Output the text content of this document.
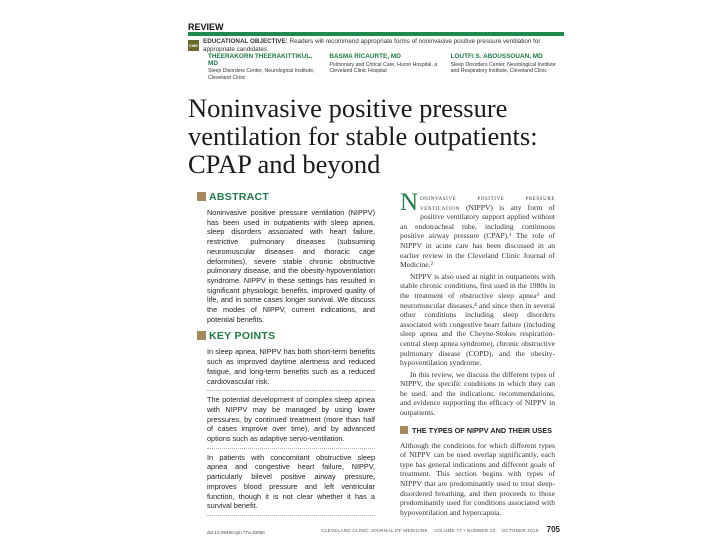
REVIEW
CME
EDUCATIONAL OBJECTIVE: Readers will recommend appropriate forms of noninvasive positive pressure ventilation for appropriate candidates
THEERAKORN THEERAKITTIKUL, MD
Sleep Disorders Center, Neurological Institute, Cleveland Clinic
BASMA RICAURTE, MD
Pulmonary and Critical Care, Huron Hospital, a Cleveland Clinic Hospital
LOUTFI S. ABOUSSOUAN, MD
Sleep Disorders Center, Neurological Institute and Respiratory Institute, Cleveland Clinic
Noninvasive positive pressure ventilation for stable outpatients: CPAP and beyond
ABSTRACT
Noninvasive positive pressure ventilation (NIPPV) has been used in outpatients with sleep apnea, sleep disorders associated with heart failure, restrictive pulmonary diseases (subsuming neuromuscular diseases and thoracic cage deformities), severe stable chronic obstructive pulmonary disease, and the obesity-hypoventilation syndrome. NIPPV in these settings has resulted in significant physiologic benefits, improved quality of life, and in some cases longer survival. We discuss the modes of NIPPV, current indications, and potential benefits.
KEY POINTS
In sleep apnea, NIPPV has both short-term benefits such as improved daytime alertness and reduced fatigue, and long-term benefits such as a reduced cardiovascular risk.
The potential development of complex sleep apnea with NIPPV may be managed by using lower pressures, by continued treatment (more than half of cases improve over time), and by advanced options such as adaptive servo-ventilation.
In patients with concomitant obstructive sleep apnea and congestive heart failure, NIPPV, particularly bilevel positive airway pressure, improves blood pressure and left ventricular function, though it is not clear whether it has a survival benefit.
doi:10.3949/ccjm.77a.10050
Noninvasive positive pressure ventilation (NIPPV) is any form of positive ventilatory support applied without an endotracheal tube, including continuous positive airway pressure (CPAP).¹ The role of NIPPV in acute care has been discussed in an earlier review in the Cleveland Clinic Journal of Medicine.²
NIPPV is also used at night in outpatients with stable chronic conditions, first used in the 1980s in the treatment of obstructive sleep apnea³ and neuromuscular diseases,⁴ and since then in several other conditions including sleep disorders associated with congestive heart failure (including sleep apnea and the Cheyne-Stokes respiration-central sleep apnea syndrome), chronic obstructive pulmonary disease (COPD), and the obesity-hypoventilation syndrome.
In this review, we discuss the different types of NIPPV, the specific conditions in which they can be used, and the indications, recommendations, and evidence supporting the efficacy of NIPPV in outpatients.
THE TYPES OF NIPPV AND THEIR USES
Although the conditions for which different types of NIPPV can be used overlap significantly, each type has general indications and different goals of treatment. This section begins with types of NIPPV that are predominantly used to treat sleep-disordered breathing, and then proceeds to those predominantly used for conditions associated with hypoventilation and hypercapnia.
CLEVELAND CLINIC JOURNAL OF MEDICINE    VOLUME 77 • NUMBER 10    OCTOBER 2010 705
